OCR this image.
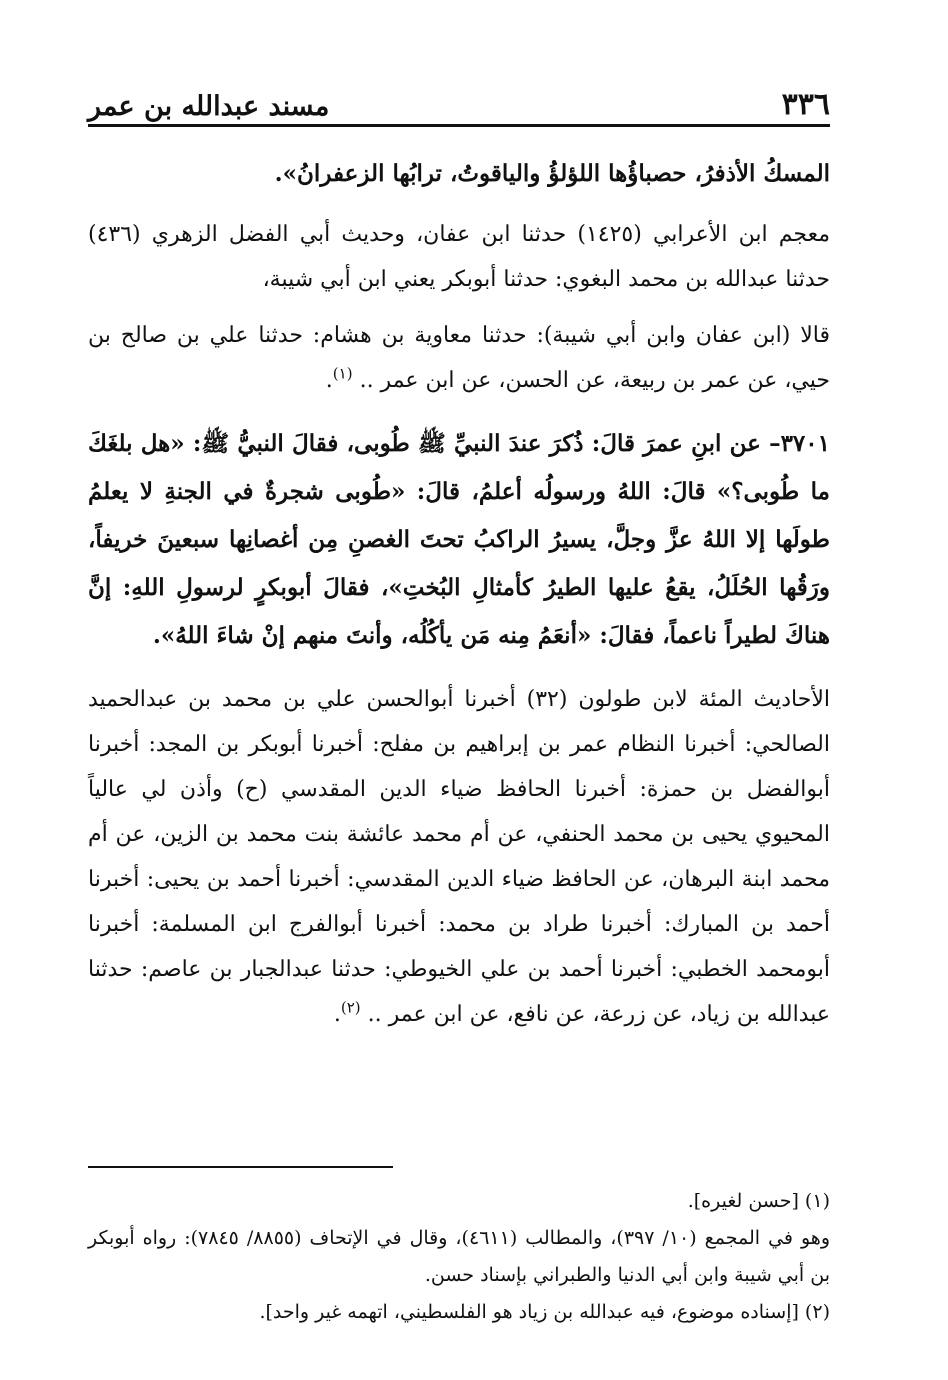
٣٣٦
مسند عبدالله بن عمر

المسكُ الأذفرُ، حصباؤُها اللؤلؤُ والياقوتُ، ترابُها الزعفرانُ».

معجم ابن الأعرابي (١٤٢٥) حدثنا ابن عفان، وحديث أبي الفضل الزهري (٤٣٦) حدثنا عبدالله بن محمد البغوي: حدثنا أبوبكر يعني ابن أبي شيبة،

قالا (ابن عفان وابن أبي شيبة): حدثنا معاوية بن هشام: حدثنا علي بن صالح بن حيي، عن عمر بن ربيعة، عن الحسن، عن ابن عمر .. $^{(١)}$.

٣٧٠١– عن ابنِ عمرَ قالَ: ذُكرَ عندَ النبيِّ ﷺ طُوبى، فقالَ النبيُّ ﷺ: «هل بلغَكَ ما طُوبى؟» قالَ: اللهُ ورسولُه أعلمُ، قالَ: «طُوبى شجرةٌ في الجنةِ لا يعلمُ طولَها إلا اللهُ عزَّ وجلَّ، يسيرُ الراكبُ تحتَ الغصنِ مِن أغصانِها سبعينَ خريفاً، ورَقُها الحُلَلُ، يقعُ عليها الطيرُ كأمثالِ البُختِ»، فقالَ أبوبكرٍ لرسولِ اللهِ: إنَّ هناكَ لطيراً ناعماً، فقالَ: «أنعَمُ مِنه مَن يأكُلُه، وأنتَ منهم إنْ شاءَ اللهُ».

الأحاديث المئة لابن طولون (٣٢) أخبرنا أبوالحسن علي بن محمد بن عبدالحميد الصالحي: أخبرنا النظام عمر بن إبراهيم بن مفلح: أخبرنا أبوبكر بن المجد: أخبرنا أبوالفضل بن حمزة: أخبرنا الحافظ ضياء الدين المقدسي (ح) وأذن لي عالياً المحيوي يحيى بن محمد الحنفي، عن أم محمد عائشة بنت محمد بن الزين، عن أم محمد ابنة البرهان، عن الحافظ ضياء الدين المقدسي: أخبرنا أحمد بن يحيى: أخبرنا أحمد بن المبارك: أخبرنا طراد بن محمد: أخبرنا أبوالفرج ابن المسلمة: أخبرنا أبومحمد الخطبي: أخبرنا أحمد بن علي الخيوطي: حدثنا عبدالجبار بن عاصم: حدثنا عبدالله بن زياد، عن زرعة، عن نافع، عن ابن عمر .. $^{(٢)}$.

(١) [حسن لغيره].

وهو في المجمع (١٠/ ٣٩٧)، والمطالب (٤٦١١)، وقال في الإتحاف (٨٨٥٥/ ٧٨٤٥): رواه أبوبكر بن أبي شيبة وابن أبي الدنيا والطبراني بإسناد حسن.

(٢) [إسناده موضوع، فيه عبدالله بن زياد هو الفلسطيني، اتهمه غير واحد].
